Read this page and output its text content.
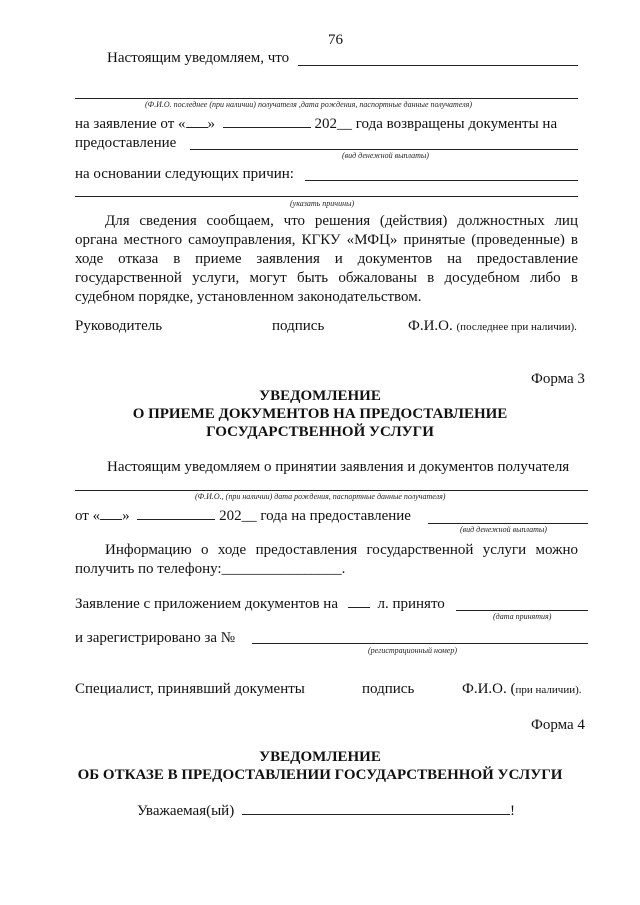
76
Настоящим уведомляем, что
(Ф.И.О. последнее (при наличии) получателя ,дата рождения, паспортные данные получателя)
на заявление от « »	202__ года возвращены документы на
предоставление
(вид денежной выплаты)
на основании следующих причин:
(указать причины)
Для сведения сообщаем, что решения (действия) должностных лиц органа местного самоуправления, КГКУ «МФЦ» принятые (проведенные) в ходе отказа в приеме заявления и документов на предоставление государственной услуги, могут быть обжалованы в досудебном либо в судебном порядке, установленном законодательством.
Руководитель	подпись	Ф.И.О. (последнее при наличии).
Форма 3
УВЕДОМЛЕНИЕ
О ПРИЕМЕ ДОКУМЕНТОВ НА ПРЕДОСТАВЛЕНИЕ
ГОСУДАРСТВЕННОЙ УСЛУГИ
Настоящим уведомляем о принятии заявления и документов получателя
(Ф.И.О., (при наличии) дата рождения, паспортные данные получателя)
от « »	202__ года на предоставление
(вид денежной выплаты)
Информацию о ходе предоставления государственной услуги можно получить по телефону:________________.
Заявление с приложением документов на	л. принято
(дата принятия)
и зарегистрировано за №
(регистрационный номер)
Специалист, принявший документы	подпись	Ф.И.О. (при наличии).
Форма 4
УВЕДОМЛЕНИЕ
ОБ ОТКАЗЕ В ПРЕДОСТАВЛЕНИИ ГОСУДАРСТВЕННОЙ УСЛУГИ
Уважаемая(ый)	!
